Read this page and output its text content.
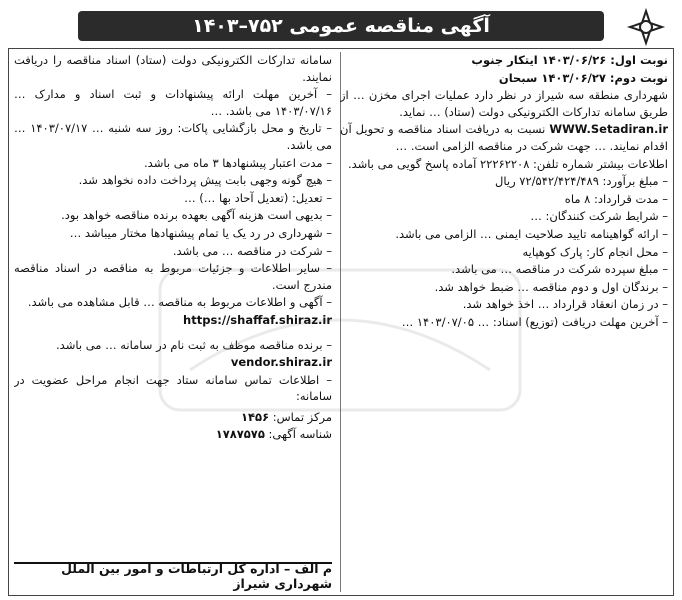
آگهی مناقصه عمومی ۷۵۲–۱۴۰۳
نوبت اول: ۱۴۰۳/۰۶/۲۶ ایتکار جنوب
نوبت دوم: ۱۴۰۳/۰۶/۲۷ سبحان

شهرداری منطقه سه شیراز در نظر دارد عملیات اجرای مخزن … از طریق سامانه تدارکات الکترونیکی دولت (ستاد) … نماید.

WWW.Setadiran.ir نسبت به دریافت اسناد مناقصه و تحویل آن اقدام نمایند. … جهت شرکت در مناقصه الزامی است. …

اطلاعات بیشتر شماره تلفن: ۲۲۲۶۲۲۰۸ آماده پاسخ گویی می باشد.

– مبلغ برآورد: ۷۲/۵۴۲/۴۲۴/۴۸۹ ریال

– مدت قرارداد: ۸ ماه

– شرایط شرکت کنندگان: …

– ارائه گواهینامه تایید صلاحیت ایمنی … الزامی می باشد.

– محل انجام کار: پارک کوهپایه

– مبلغ سپرده شرکت در مناقصه … می باشد.

– برندگان اول و دوم مناقصه … ضبط خواهد شد.

– در زمان انعقاد قرارداد … اخذ خواهد شد.

– آخرین مهلت دریافت (توزیع) اسناد: … ۱۴۰۳/۰۷/۰۵ …

سامانه تدارکات الکترونیکی دولت (ستاد) اسناد مناقصه را دریافت نمایند.

– آخرین مهلت ارائه پیشنهادات و ثبت اسناد و مدارک … ۱۴۰۳/۰۷/۱۶ می باشد. …

– تاریخ و محل بازگشایی پاکات: روز سه شنبه … ۱۴۰۳/۰۷/۱۷ … می باشد.

– مدت اعتبار پیشنهادها ۳ ماه می باشد.

– هیچ گونه وجهی بابت پیش پرداخت داده نخواهد شد.

– تعدیل: (تعدیل آحاد بها …) …

– بدیهی است هزینه آگهی بعهده برنده مناقصه خواهد بود.

– شهرداری در رد یک یا تمام پیشنهادها مختار میباشد …

– شرکت در مناقصه … می باشد.

– سایر اطلاعات و جزئیات مربوط به مناقصه در اسناد مناقصه مندرج است.

– آگهی و اطلاعات مربوط به مناقصه … قابل مشاهده می باشد.

https://shaffaf.shiraz.ir

– برنده مناقصه موظف به ثبت نام در سامانه … می باشد.

vendor.shiraz.ir

– اطلاعات تماس سامانه ستاد جهت انجام مراحل عضویت در سامانه:

مرکز تماس: ۱۴۵۶

شناسه آگهی: ۱۷۸۷۵۷۵

م الف – اداره کل ارتباطات و امور بین الملل شهرداری شیراز
